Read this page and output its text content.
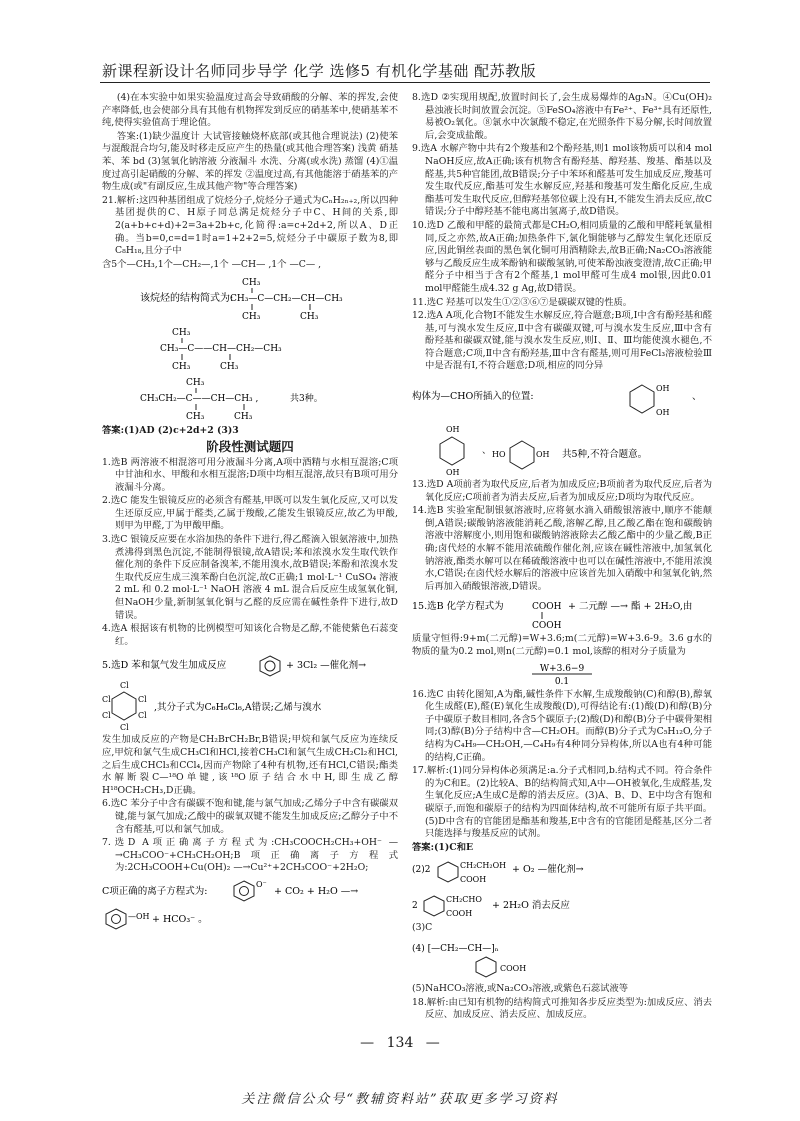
新课程新设计名师同步导学 化学 选修5 有机化学基础 配苏教版

(4)在本实验中如果实验温度过高会导致硝酸的分解、苯的挥发,会使产率降低,也会使部分具有其他有机物挥发到反应的硝基苯中,使硝基苯不纯,使得实验值高于理论值。

答案:(1)缺少温度计 大试管接触烧杯底部(或其他合理说法) (2)使苯与混酸混合均匀,能及时移走反应产生的热量(或其他合理答案) 浅黄 硝基苯、苯 bd (3)氢氧化钠溶液 分液漏斗 水洗、分离(或水洗) 蒸馏 (4)①温度过高引起硝酸的分解、苯的挥发 ②温度过高,有其他能溶于硝基苯的产物生成(或"有副反应,生成其他产物"等合理答案)

21.解析:这四种基团组成了烷烃分子,烷烃分子通式为CₙH₂ₙ₊₂,所以四种基团提供的C、H原子同总满足烷烃分子中C、H间的关系,即2(a+b+c+d)+2=3a+2b+c,化简得:a=c+2d+2,所以A、D正确。当b=0,c=d=1时a=1+2+2=5,烷烃分子中碳原子数为8,即C₈H₁₈,且分子中

含5个—CH₃,1个—CH₂—,1个 —CH— ,1个 —C— ,

该烷烃的结构简式为:
CH₃—C—CH₂—CH—CH₃
CH₃
CH₃	CH₃
CH₃—C——CH—CH₂—CH₃
CH₃
CH₃	CH₃
CH₃CH₂—C——CH—CH₃ ,
CH₃
CH₃	CH₃
共3种。

答案:(1)AD (2)c+2d+2 (3)3

阶段性测试题四

1.选B 两溶液不相混溶可用分液漏斗分离,A项中酒精与水相互混溶;C项中甘油和水、甲酸和水相互混溶;D项中均相互混溶,故只有B项可用分液漏斗分离。

2.选C 能发生银镜反应的必须含有醛基,甲既可以发生氧化反应,又可以发生还原反应,甲属于醛类,乙属于羧酸,乙能发生银镜反应,故乙为甲酸,则甲为甲醛,丁为甲酸甲酯。

3.选C 银镜反应要在水浴加热的条件下进行,得乙醛滴入银氨溶液中,加热煮沸得到黑色沉淀,不能制得银镜,故A错误;苯和浓溴水发生取代铁作催化剂的条件下反应制备溴苯,不能用溴水,故B错误;苯酚和浓溴水发生取代反应生成三溴苯酚白色沉淀,故C正确;1 mol·L⁻¹ CuSO₄ 溶液 2 mL 和 0.2 mol·L⁻¹ NaOH 溶液 4 mL 混合后反应生成氢氧化铜,但NaOH少量,新制氢氧化铜与乙醛的反应需在碱性条件下进行,故D错误。

4.选A 根据该有机物的比例模型可知该化合物是乙醇,不能使紫色石蕊变红。

5.选D 苯和氯气发生加成反应	+ 3Cl₂ —催化剂→
Cl
Cl
Cl
Cl
Cl
Cl
,其分子式为C₆H₆Cl₆,A错误;乙烯与溴水

发生加成反应的产物是CH₂BrCH₂Br,B错误;甲烷和氯气反应为连续反应,甲烷和氯气生成CH₃Cl和HCl,接着CH₃Cl和氯气生成CH₂Cl₂和HCl,之后生成CHCl₃和CCl₄,因而产物除了4种有机物,还有HCl,C错误;酯类水解断裂C—¹⁸O单键,该¹⁸O原子结合水中H,即生成乙醇H¹⁸OCH₂CH₃,D正确。

6.选C 苯分子中含有碳碳不饱和键,能与氯气加成;乙烯分子中含有碳碳双键,能与氯气加成;乙酸中的碳氧双键不能发生加成反应;乙醇分子中不含有醛基,可以和氯气加成。

7.选D A项正确离子方程式为:CH₃COOCH₂CH₃+OH⁻ —→CH₃COO⁻+CH₃CH₂OH;B项正确离子方程式为:2CH₃COOH+Cu(OH)₂ —→Cu²⁺+2CH₃COO⁻+2H₂O;

C项正确的离子方程式为:
O⁻
+ CO₂ + H₂O —→
—OH + HCO₃⁻ 。

8.选D ②实现用规配,放置时间长了,会生成易爆炸的Ag₃N。④Cu(OH)₂悬浊液长时间放置会沉淀。⑤FeSO₄溶液中有Fe²⁺、Fe³⁺具有还原性,易被O₂氧化。⑧氯水中次氯酸不稳定,在光照条件下易分解,长时间放置后,会变成盐酸。

9.选A 水解产物中共有2个羧基和2个酚羟基,则1 mol该物质可以和4 mol NaOH反应,故A正确;该有机物含有酚羟基、醇羟基、羧基、酯基以及醛基,共5种官能团,故B错误;分子中苯环和醛基可发生加成反应,羧基可发生取代反应,酯基可发生水解反应,羟基和羧基可发生酯化反应,生成酯基可发生取代反应,但醇羟基邻位碳上没有H,不能发生消去反应,故C错误;分子中醇羟基不能电离出氢离子,故D错误。

10.选D 乙酸和甲醛的最简式都是CH₂O,相同质量的乙酸和甲醛耗氧量相同,反之亦然,故A正确;加热条件下,氯化铜能够与乙醇发生氧化还原反应,因此铜丝表面的黑色氧化铜可用酒精除去,故B正确;Na₂CO₃溶液能够与乙酸反应生成苯酚钠和碳酸氢钠,可使苯酚浊液变澄清,故C正确;甲醛分子中相当于含有2个醛基,1 mol甲醛可生成4 mol银,因此0.01 mol甲醛能生成4.32 g Ag,故D错误。

11.选C 羟基可以发生①②③⑥⑦是碳碳双键的性质。

12.选A A项,化合物Ⅰ不能发生水解反应,符合题意;B项,Ⅰ中含有酚羟基和醛基,可与溴水发生反应,Ⅱ中含有碳碳双键,可与溴水发生反应,Ⅲ中含有酚羟基和碳碳双键,能与溴水发生反应,则Ⅰ、Ⅱ、Ⅲ均能使溴水褪色,不符合题意;C项,Ⅱ中含有酚羟基,Ⅲ中含有醛基,则可用FeCl₃溶液检验Ⅲ中是否混有Ⅰ,不符合题意;D项,相应的同分异

构体为—CHO所插入的位置:
OH
OH
、
OH
OH
、 HO	OH 共5种,不符合题意。

13.选D A项前者为取代反应,后者为加成反应;B项前者为取代反应,后者为氧化反应;C项前者为消去反应,后者为加成反应;D项均为取代反应。

14.选B 实验室配制银氨溶液时,应将氨水滴入硝酸银溶液中,顺序不能颠倒,A错误;碳酸钠溶液能消耗乙酸,溶解乙醇,且乙酸乙酯在饱和碳酸钠溶液中溶解度小,则用饱和碳酸钠溶液除去乙酸乙酯中的少量乙酸,B正确;卤代烃的水解不能用浓硫酸作催化剂,应该在碱性溶液中,加氢氧化钠溶液,酯类水解可以在稀硫酸溶液中也可以在碱性溶液中,不能用浓溴水,C错误;在卤代烃水解后的溶液中应该首先加入硝酸中和氢氧化钠,然后再加入硝酸银溶液,D错误。

15.选B 化学方程式为	COOH
COOH
+ 二元醇 —→ 酯 + 2H₂O,由

质量守恒得:9+m(二元醇)=W+3.6;m(二元醇)=W+3.6-9。3.6 g水的物质的量为0.2 mol,则n(二元醇)=0.1 mol,该醇的相对分子质量为

W+3.6−9
0.1

16.选C 由转化图知,A为酯,碱性条件下水解,生成羧酸钠(C)和醇(B),醇氧化生成醛(E),醛(E)氧化生成羧酸(D),可得结论有:(1)酸(D)和醇(B)分子中碳原子数目相同,各含5个碳原子;(2)酸(D)和醇(B)分子中碳骨架相同;(3)醇(B)分子结构中含—CH₂OH。而醇(B)分子式为C₅H₁₂O,分子结构为C₄H₉—CH₂OH,—C₄H₉有4种同分异构体,所以A也有4种可能的结构,C正确。

17.解析:(1)同分异构体必须满足:a.分子式相同,b.结构式不同。符合条件的为C和E。(2)比较A、B的结构简式知,A中—OH被氧化,生成醛基,发生氧化反应;A生成C是醇的消去反应。(3)A、B、D、E中均含有饱和碳原子,而饱和碳原子的结构为四面体结构,故不可能所有原子共平面。(5)D中含有的官能团是酯基和羧基,E中含有的官能团是醛基,区分二者只能选择与羧基反应的试剂。

答案:(1)C和E

(2)2	CH₂CH₂OH
COOH
+ O₂ —催化剂→
2
CH₂CHO
COOH
+ 2H₂O 消去反应

(3)C

(4) [—CH₂—CH—]ₙ
COOH

(5)NaHCO₃溶液,或Na₂CO₃溶液,或紫色石蕊试液等

18.解析:由已知有机物的结构简式可推知各步反应类型为:加成反应、消去反应、加成反应、消去反应、加成反应。

— 134 —
关注微信公众号“教辅资料站”获取更多学习资料
